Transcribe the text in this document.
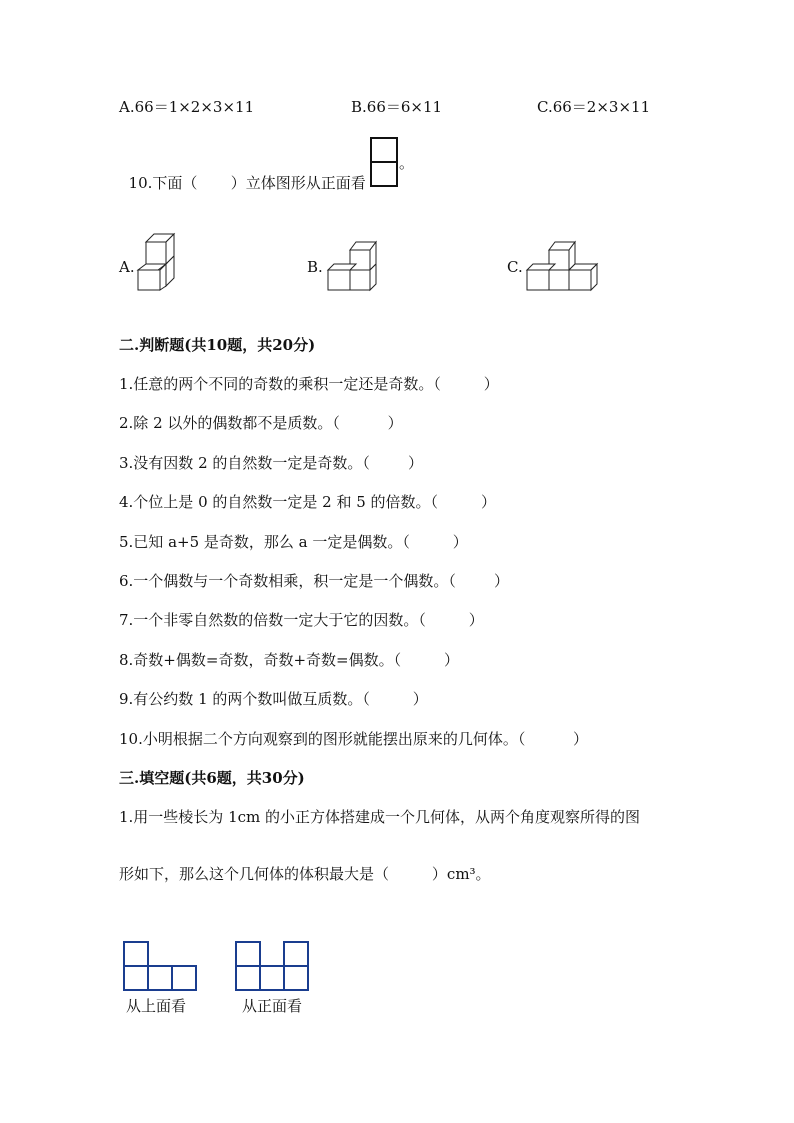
A.66＝1×2×3×11	B.66＝6×11	C.66＝2×3×11

10.下面（       ）立体图形从正面看

。
A.	B.	C.
二.判断题(共10题，共20分)
1.任意的两个不同的奇数的乘积一定还是奇数。（         ）
2.除 2 以外的偶数都不是质数。（          ）
3.没有因数 2 的自然数一定是奇数。（        ）
4.个位上是 0 的自然数一定是 2 和 5 的倍数。（         ）
5.已知 a+5 是奇数，那么 a 一定是偶数。（         ）
6.一个偶数与一个奇数相乘，积一定是一个偶数。（        ）
7.一个非零自然数的倍数一定大于它的因数。（         ）
8.奇数+偶数=奇数，奇数+奇数=偶数。（         ）
9.有公约数 1 的两个数叫做互质数。（         ）
10.小明根据二个方向观察到的图形就能摆出原来的几何体。（          ）
三.填空题(共6题，共30分)
1.用一些棱长为 1cm 的小正方体搭建成一个几何体，从两个角度观察所得的图
形如下，那么这个几何体的体积最大是（         ）cm³。
从上面看	从正面看
